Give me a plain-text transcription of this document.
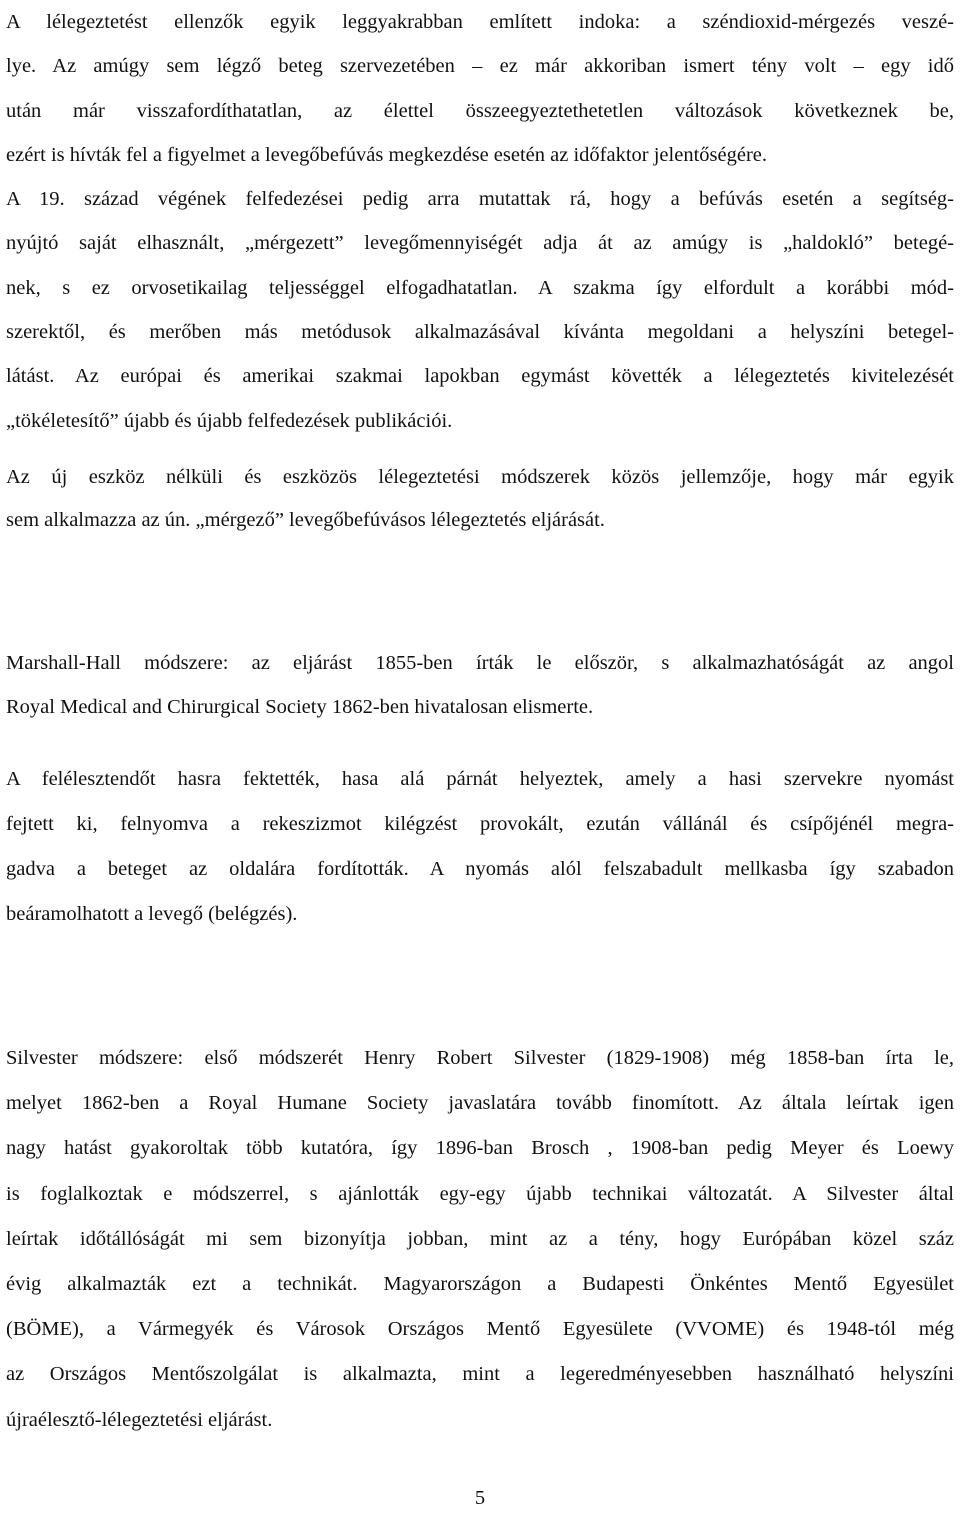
A lélegeztetést ellenzők egyik leggyakrabban említett indoka: a széndioxid-mérgezés veszé-
lye. Az amúgy sem légző beteg szervezetében – ez már akkoriban ismert tény volt – egy idő
után már visszafordíthatatlan, az élettel összeegyeztethetetlen változások következnek be,
ezért is hívták fel a figyelmet a levegőbefúvás megkezdése esetén az időfaktor jelentőségére.
A 19. század végének felfedezései pedig arra mutattak rá, hogy a befúvás esetén a segítség-
nyújtó saját elhasznált, „mérgezett” levegőmennyiségét adja át az amúgy is „haldokló” betegé-
nek, s ez orvosetikailag teljességgel elfogadhatatlan. A szakma így elfordult a korábbi mód-
szerektől, és merőben más metódusok alkalmazásával kívánta megoldani a helyszíni betegel-
látást. Az európai és amerikai szakmai lapokban egymást követték a lélegeztetés kivitelezését
„tökéletesítő” újabb és újabb felfedezések publikációi.

Az új eszköz nélküli és eszközös lélegeztetési módszerek közös jellemzője, hogy már egyik
sem alkalmazza az ún. „mérgező” levegőbefúvásos lélegeztetés eljárását.

Marshall-Hall módszere: az eljárást 1855-ben írták le először, s alkalmazhatóságát az angol
Royal Medical and Chirurgical Society 1862-ben hivatalosan elismerte.

A felélesztendőt hasra fektették, hasa alá párnát helyeztek, amely a hasi szervekre nyomást
fejtett ki, felnyomva a rekeszizmot kilégzést provokált, ezután vállánál és csípőjénél megra-
gadva a beteget az oldalára fordították. A nyomás alól felszabadult mellkasba így szabadon
beáramolhatott a levegő (belégzés).

Silvester módszere: első módszerét Henry Robert Silvester (1829-1908) még 1858-ban írta le,
melyet 1862-ben a Royal Humane Society javaslatára tovább finomított. Az általa leírtak igen
nagy hatást gyakoroltak több kutatóra, így 1896-ban Brosch , 1908-ban pedig Meyer és Loewy
is foglalkoztak e módszerrel, s ajánlották egy-egy újabb technikai változatát. A Silvester által
leírtak időtállóságát mi sem bizonyítja jobban, mint az a tény, hogy Európában közel száz
évig alkalmazták ezt a technikát. Magyarországon a Budapesti Önkéntes Mentő Egyesület
(BÖME), a Vármegyék és Városok Országos Mentő Egyesülete (VVOME) és 1948-tól még
az Országos Mentőszolgálat is alkalmazta, mint a legeredményesebben használható helyszíni
újraélesztő-lélegeztetési eljárást.

5
